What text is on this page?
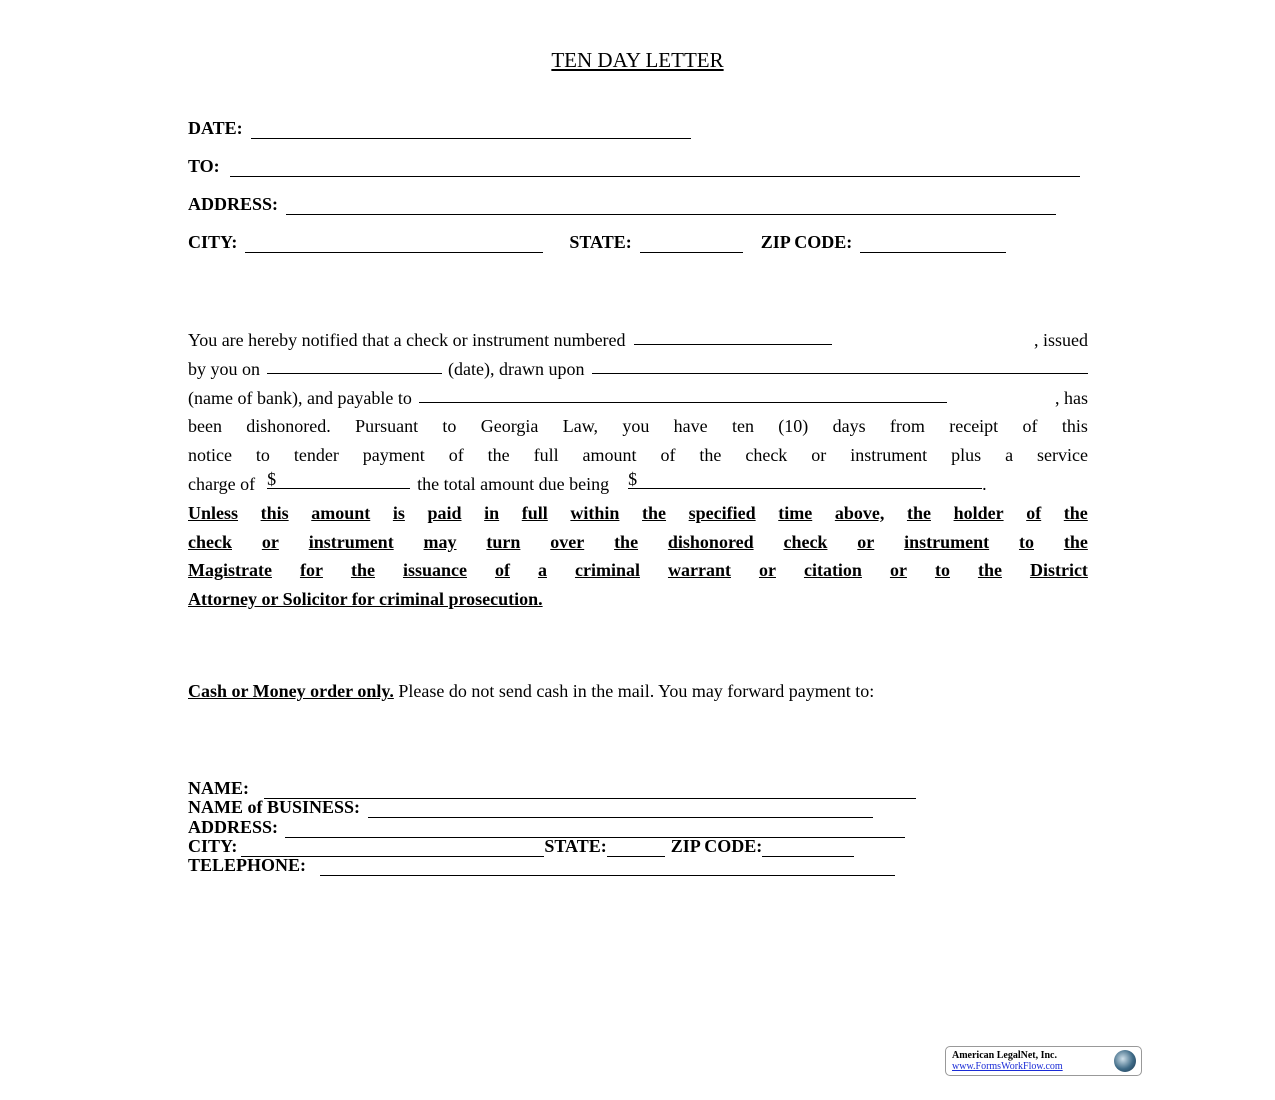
TEN DAY LETTER
DATE:
TO:
ADDRESS:
CITY:	STATE:	ZIP CODE:
You are hereby notified that a check or instrument numbered	, issued
by you on	(date), drawn upon
(name of bank), and payable to	, has
been dishonored. Pursuant to Georgia Law, you have ten (10) days from receipt of this
notice to tender payment of the full amount of the check or instrument plus a service
charge of $	the total amount due being $	.
Unless this amount is paid in full within the specified time above, the holder of the
check or instrument may turn over the dishonored check or instrument to the
Magistrate for the issuance of a criminal warrant or citation or to the District
Attorney or Solicitor for criminal prosecution.
Cash or Money order only. Please do not send cash in the mail. You may forward payment to:
NAME:
NAME of BUSINESS:
ADDRESS:
CITY:	STATE:	ZIP CODE:
TELEPHONE:
American LegalNet, Inc.
www.FormsWorkFlow.com
